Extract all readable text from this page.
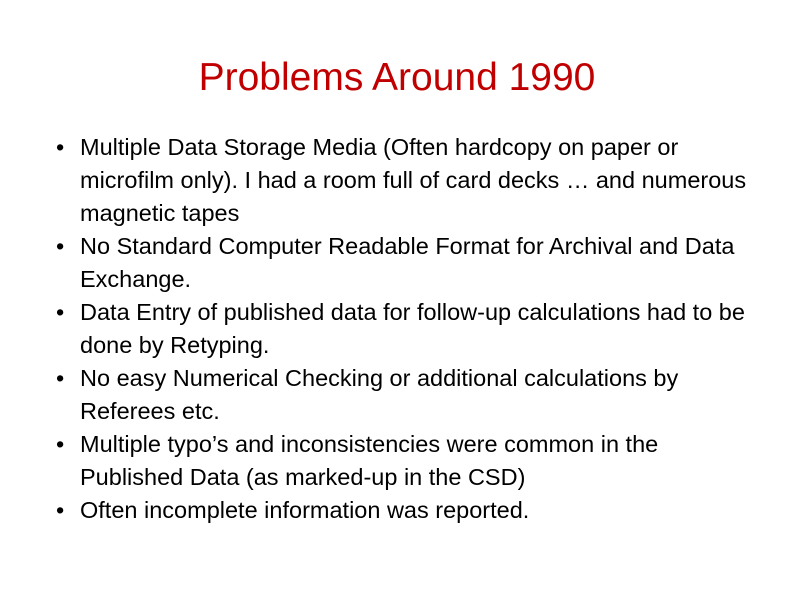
Problems Around 1990
• Multiple Data Storage Media (Often hardcopy on paper or microfilm only). I had a room full of card decks … and numerous magnetic tapes
• No Standard Computer Readable Format for Archival and Data Exchange.
• Data Entry of published data for follow-up calculations had to be done by Retyping.
• No easy Numerical Checking or additional calculations by Referees etc.
• Multiple typo’s and inconsistencies were common in the Published Data (as marked-up in the CSD)
• Often incomplete information was reported.
